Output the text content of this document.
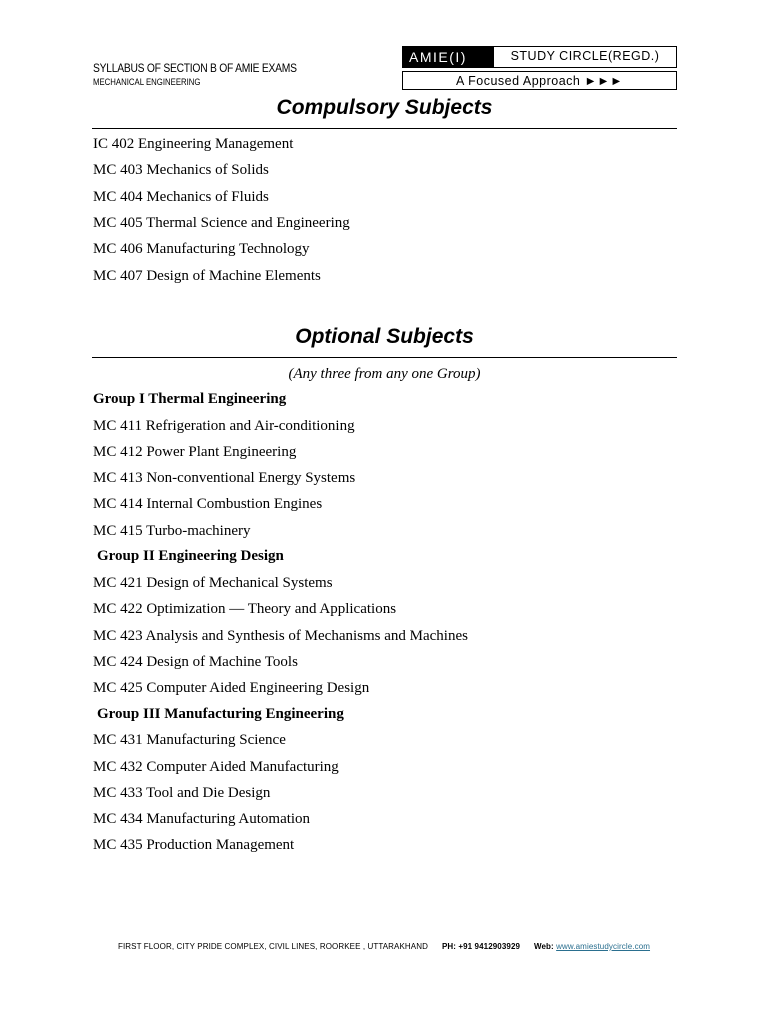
SYLLABUS OF SECTION B OF AMIE EXAMS
MECHANICAL ENGINEERING
AMIE(I)	STUDY CIRCLE(REGD.)
A Focused Approach ►►►
Compulsory Subjects
IC 402 Engineering Management
MC 403 Mechanics of Solids
MC 404 Mechanics of Fluids
MC 405 Thermal Science and Engineering
MC 406 Manufacturing Technology
MC 407 Design of Machine Elements
Optional Subjects
(Any three from any one Group)
Group I Thermal Engineering
MC 411 Refrigeration and Air-conditioning
MC 412 Power Plant Engineering
MC 413 Non-conventional Energy Systems
MC 414 Internal Combustion Engines
MC 415 Turbo-machinery
Group II Engineering Design
MC 421 Design of Mechanical Systems
MC 422 Optimization — Theory and Applications
MC 423 Analysis and Synthesis of Mechanisms and Machines
MC 424 Design of Machine Tools
MC 425 Computer Aided Engineering Design
Group III Manufacturing Engineering
MC 431 Manufacturing Science
MC 432 Computer Aided Manufacturing
MC 433 Tool and Die Design
MC 434 Manufacturing Automation
MC 435 Production Management
FIRST FLOOR, CITY PRIDE COMPLEX, CIVIL LINES, ROORKEE , UTTARAKHAND PH: +91 9412903929 Web: www.amiestudycircle.com
